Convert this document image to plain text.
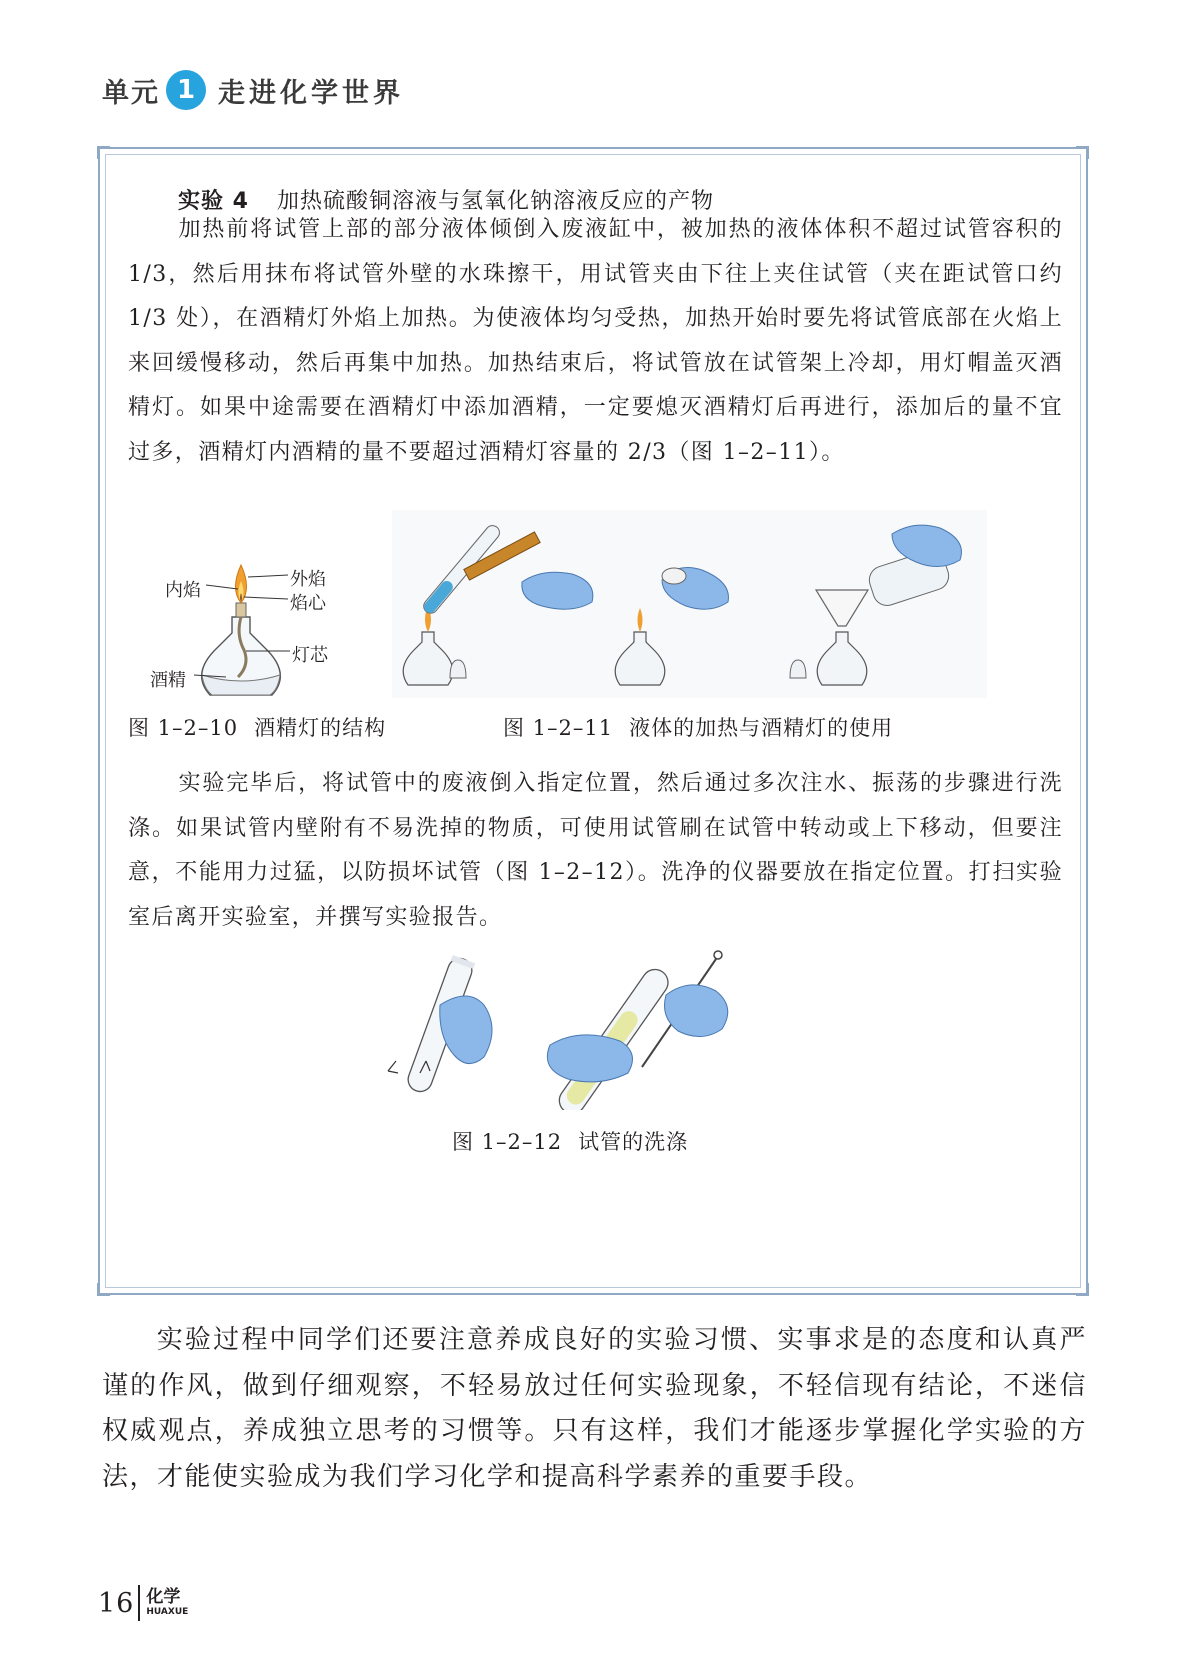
单元 1 走进化学世界
实验 4 加热硫酸铜溶液与氢氧化钠溶液反应的产物

加热前将试管上部的部分液体倾倒入废液缸中，被加热的液体体积不超过试管容积的 1/3，然后用抹布将试管外壁的水珠擦干，用试管夹由下往上夹住试管（夹在距试管口约 1/3 处），在酒精灯外焰上加热。为使液体均匀受热，加热开始时要先将试管底部在火焰上来回缓慢移动，然后再集中加热。加热结束后，将试管放在试管架上冷却，用灯帽盖灭酒精灯。如果中途需要在酒精灯中添加酒精，一定要熄灭酒精灯后再进行，添加后的量不宜过多，酒精灯内酒精的量不要超过酒精灯容量的 2/3（图 1–2–11）。

内焰
外焰
焰心
灯芯
酒精
图 1–2–10 酒精灯的结构	图 1–2–11 液体的加热与酒精灯的使用

实验完毕后，将试管中的废液倒入指定位置，然后通过多次注水、振荡的步骤进行洗涤。如果试管内壁附有不易洗掉的物质，可使用试管刷在试管中转动或上下移动，但要注意，不能用力过猛，以防损坏试管（图 1–2–12）。洗净的仪器要放在指定位置。打扫实验室后离开实验室，并撰写实验报告。

图 1–2–12 试管的洗涤

实验过程中同学们还要注意养成良好的实验习惯、实事求是的态度和认真严谨的作风，做到仔细观察，不轻易放过任何实验现象，不轻信现有结论，不迷信权威观点，养成独立思考的习惯等。只有这样，我们才能逐步掌握化学实验的方法，才能使实验成为我们学习化学和提高科学素养的重要手段。

16 化学
HUAXUE
